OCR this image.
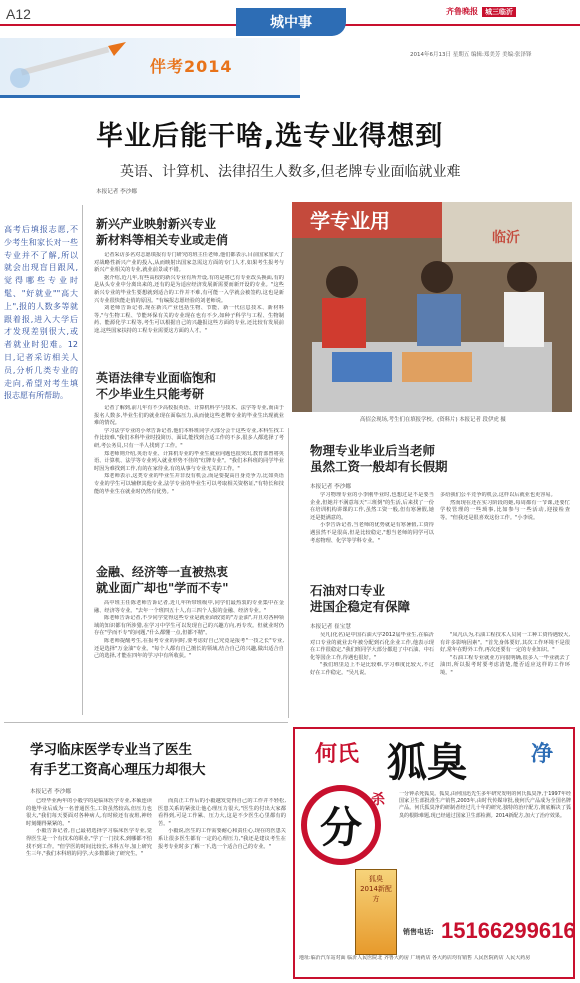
A12
城中事
齐鲁晚报 城三临沂
伴考2014
2014年6月13日 星期五 编辑:郑美芳 美编:张泽锋
毕业后能干啥,选专业得想到
英语、计算机、法律招生人数多,但老牌专业面临就业难
本报记者 李沙娜
高考后填报志愿,不少考生和家长对一些专业并不了解,所以就会出现盲目跟风,觉得哪些专业时髦、"好就业""高大上",报的人数多等就跟着报,进入大学后才发现差别很大,或者就业时犯难。12日,记者采访相关人员,分析几类专业的走向,希望对考生填报志愿有所帮助。
新兴产业映射新兴专业
新材料等相关专业或走俏

记者采访多名对志愿填报有专门研究的班主任老师,他们都表示,目前国家加大了对战略性新兴产业的投入,从而映射出国家急需这方面的专门人才,如果考生报考与新兴产业相关的专业,就业前景或不错。

据介绍,近几年,有些高校的新兴专业有所开设,有的是将已有专业改头换面,有的是从头专业中分离出来的,还有的是为适应经济发展新需要而新开设的专业。"这些新兴专业的毕业生要想就到适合的工作并不难,有可能一入学就会被签约,这也是新兴专业很快能走俏的原因。"有编报志愿经验的刘老师说。

刘老师告诉记者,现在新兴产业包括生物、节能、新一代信息技术、新材料等,"与生物工程、节能环保有关的专业现在也有不少,如种子科学与工程、生物制药、能源化学工程等,考生可以根据自己的兴趣报这些方面的专业,还比较有发展前途,这些国家扶持的工程专业需要这方面的人才。"

英语法律专业面临饱和
不少毕业生只能考研

记者了解到,前几年有不少高校报英语、计算机科学与技术、法学等专业,而由于报名人数多,毕业生们的就业现在面临压力,从而使这些老牌专业的毕业生出现就业难的情况。

学习法学专业的小翠告诉记者,他们本科班同学大部分会干这些专业,本科生找工作比较难,"我们本科毕业时投简历、面试,能找到合适工作的不多,很多人都选择了考研,考公务员,只有一半人找到了工作。"

郑老师则介绍,英语专业、计算机专业的毕业生就业问题也很突出,教育部曾将英语、计算机、法学等专业列入就业形势不佳的"红牌专业"。"我们本科班的同学毕业时因为难找到工作,有的在家待业,有的从事与专业无关的工作。"

郑老师表示,这类专业的毕业生并非没有机会,而是要提高自身竞争力,比如英语专业的学生可以辅修其他专业,法学专业的毕业生可以考取相关资格证,"有特长和技能的毕业生在就业时仍然有优势。"

金融、经济等一直被热衷
就业面广却也"学而不专"

高中班主任陈老师告诉记者,近几年所带班级中,同学们最热衷的专业集中在金融、经济等专业。"去年一个班四五十人,有三四个人报的金融、经济专业。"

陈老师告诉记者,不少同学觉得这些专业是就业面较宽的"万金油",并且对各种领域的知识都有所涉猎,在学习中学生可以发现自己的兴趣方向,再专攻。但就业时仍存在"学而不专"的问题,"什么都懂一点,但都不精"。

陈老师提醒考生,在报考专业的同时,要考虑好自己究竟是报考"一技之长"专业,还是选择"万金油"专业。"每个人都有自己擅长的领域,结合自己的兴趣,做出适合自己的选择,才能在四年的学习中有所收获。"

学专业用
临沂
高招会现场,考生们在填报学校。(资料片) 本报记者 段伊虎 摄
物理专业毕业后当老师
虽然工资一般却有长假期
本报记者 李沙娜

学习物理专业的小李刚毕业时,也想过是不是要当企业,但她并不满意每天"三班倒"的生活,后来找了一份在培训机构讲课的工作,虽然工资一般,但有寒暑假,她还是挺满意的。

小李告诉记者,当老师的优势就是有寒暑假,工资待遇虽然不是很高,但是比较稳定,"想当老师的同学可以考虑物理、化学等学科专业。"

多给我们公平竞争的机会,这样以后就业也更容易。

然而现在还在实习阶段的她,每周都有一节课,还要忙学校管理的一些琐事,比如参与一些活动,迎接检查等。"但我还是很喜欢这份工作。"小李说。

石油对口专业
进国企稳定有保障
本报记者 崔宝慧

吴凡(化名)是中国石油大学2012届毕业生,在临沂对口专业的就业去年被分配到石化企业工作,他表示现在工作很稳定,"我们班同学大部分都进了中石油、中石化等国企工作,待遇也很好。"

"我们班里边上不是比较难,学习难度比较大,不过好在工作稳定。"吴凡说。

"凤凡认为,石油工程技术人员同一工种工资待遇较大,有许多影响因素"。"首先身体要好,其次工作环境不是很好,常年在野外工作,再次还要有一定的专业知识。"

"石油工程专业就业方向很明确,很多人一毕业就去了油田,所以报考时要考虑清楚,能否适应这样的工作环境。"

学习临床医学专业当了医生
有手艺工资高心理压力却很大
本报记者 李沙娜

已经毕业两年的小毅学的是临床医学专业,本硕连读的他毕业后成为一名普通医生,工资虽然较高,但压力也很大,"我们每天要面对各种病人,有时候还有夜班,神经时刻绷得紧紧的。"

小毅告诉记者,自己最初选择学习临床医学专业,觉得医生是一个有技术的职业,"学了一门技术,到哪都不怕找不到工作。"但学医的时间比较长,本科五年,加上研究生三年,"我们本科班的同学,大多数都读了研究生。"

而真正工作后的小毅越发觉得自己的工作并不轻松,医患关系的紧张让他心理压力很大,"医生的付出大家都看得到,可是工作累、压力大,这是不少医生心里都有的苦。"

小毅说,医生的工作需要耐心和责任心,现在的医患关系让很多医生都有一定的心理压力,"我还是建议考生在报考专业时多了解一下,选一个适合自己的专业。"

何氏 狐臭	净
分
杀
狐臭
2014新配方
一分钟杀死狐臭。狐臭,由何国迅先生多年研究发明的何氏狐臭净,于1997年经国家卫生部批准生产销售,2003年,由时代传媒审批,使何氏产品成为全国名牌产品。何氏狐臭净的研制者经过几十年的研究,独特的治疗配方,彻底解决了狐臭的根除难题,现已经通过国家卫生部检测。2014新配方,加大了治疗效果。
销售电话: 15166299616
地址:临沂汽车站对面 临沂人民医院北 齐鲁大药房 广场药店 各大药店均有销售 人民医院药店 人民大药房
